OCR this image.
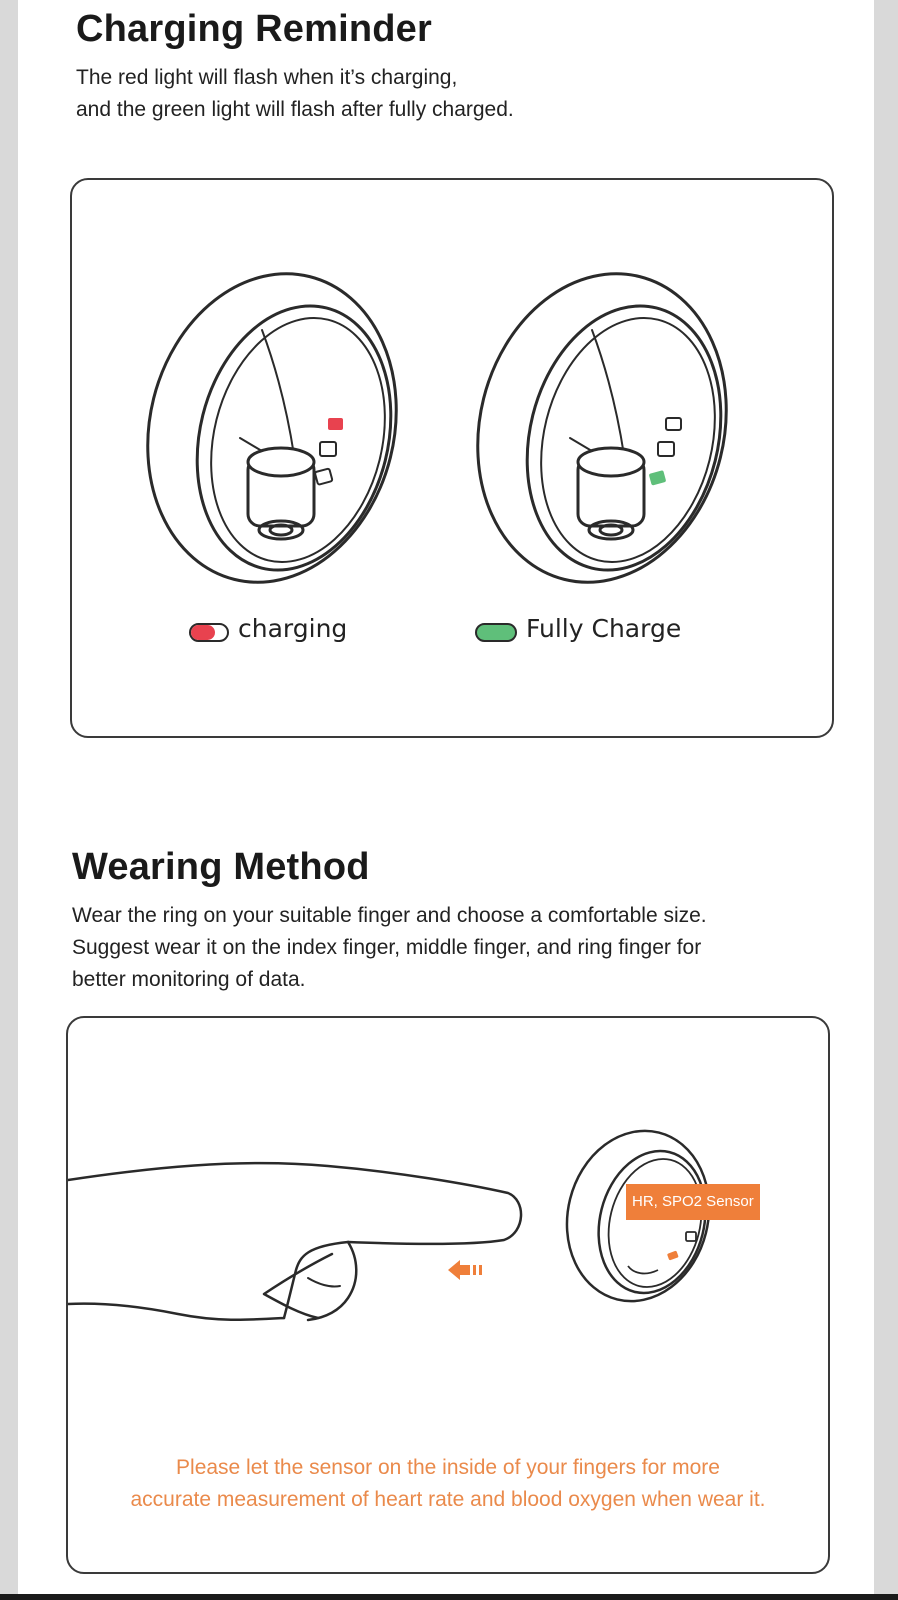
Charging Reminder

The red light will flash when it’s charging,

and the green light will flash after fully charged.

charging	Fully Charge
Wearing Method

Wear the ring on your suitable finger and choose a comfortable size.

Suggest wear it on the index finger, middle finger, and ring finger for

better monitoring of data.

HR, SPO2 Sensor
Please let the sensor on the inside of your fingers for more
accurate measurement of heart rate and blood oxygen when wear it.
